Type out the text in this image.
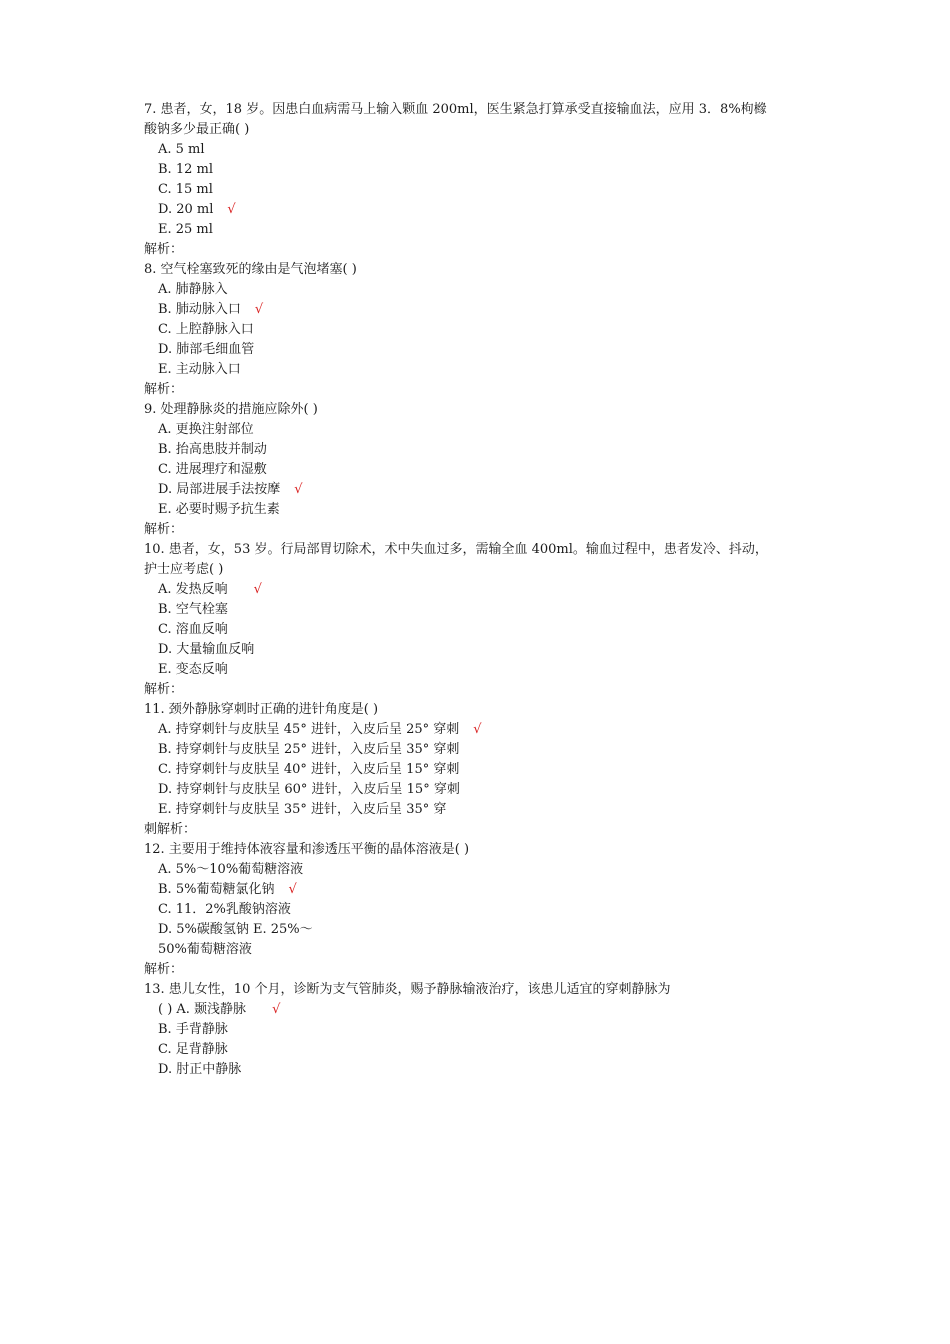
7. 患者，女，18 岁。因患白血病需马上输入颗血 200ml，医生紧急打算承受直接输血法，应用 3．8%枸橼
酸钠多少最正确( )
A. 5 ml
B. 12 ml
C. 15 ml
D. 20 ml √
E. 25 ml
解析：
8. 空气栓塞致死的缘由是气泡堵塞( )
A. 肺静脉入
B. 肺动脉入口 √
C. 上腔静脉入口
D. 肺部毛细血管
E. 主动脉入口
解析：
9. 处理静脉炎的措施应除外( )
A. 更换注射部位
B. 抬高患肢并制动
C. 进展理疗和湿敷
D. 局部进展手法按摩 √
E. 必要时赐予抗生素
解析：
10. 患者，女，53 岁。行局部胃切除术，术中失血过多，需输全血 400ml。输血过程中，患者发冷、抖动，
护士应考虑( )
A. 发热反响 √
B. 空气栓塞
C. 溶血反响
D. 大量输血反响
E. 变态反响
解析：
11. 颈外静脉穿刺时正确的进针角度是( )
A. 持穿刺针与皮肤呈 45° 进针，入皮后呈 25° 穿刺 √
B. 持穿刺针与皮肤呈 25° 进针，入皮后呈 35° 穿刺
C. 持穿刺针与皮肤呈 40° 进针，入皮后呈 15° 穿刺
D. 持穿刺针与皮肤呈 60° 进针，入皮后呈 15° 穿刺
E. 持穿刺针与皮肤呈 35° 进针，入皮后呈 35° 穿
刺解析：
12. 主要用于维持体液容量和渗透压平衡的晶体溶液是( )
A. 5%～10%葡萄糖溶液
B. 5%葡萄糖氯化钠 √
C. 11．2%乳酸钠溶液
D. 5%碳酸氢钠 E. 25%～
50%葡萄糖溶液
解析：
13. 患儿女性，10 个月，诊断为支气管肺炎，赐予静脉输液治疗，该患儿适宜的穿刺静脉为
( ) A. 颞浅静脉 √
B. 手背静脉
C. 足背静脉
D. 肘正中静脉
